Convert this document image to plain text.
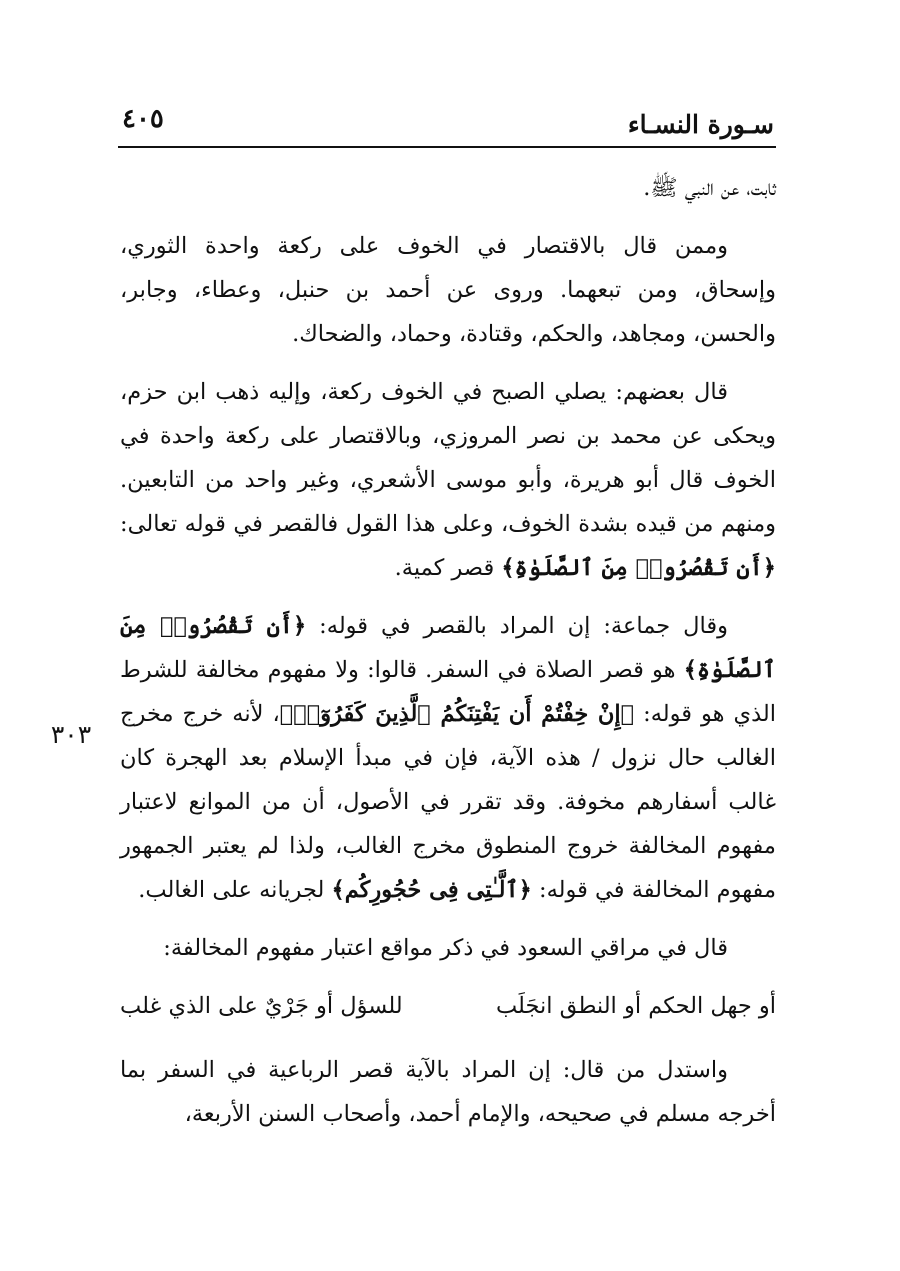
سـورة النسـاء
٤٠٥
٣٠٣

ثابت، عن النبي ﷺ.

وممن قال بالاقتصار في الخوف على ركعة واحدة الثوري، وإسحاق، ومن تبعهما. وروى عن أحمد بن حنبل، وعطاء، وجابر، والحسن، ومجاهد، والحكم، وقتادة، وحماد، والضحاك.

قال بعضهم: يصلي الصبح في الخوف ركعة، وإليه ذهب ابن حزم، ويحكى عن محمد بن نصر المروزي، وبالاقتصار على ركعة واحدة في الخوف قال أبو هريرة، وأبو موسى الأشعري، وغير واحد من التابعين. ومنهم من قيده بشدة الخوف، وعلى هذا القول فالقصر في قوله تعالى: ﴿أَن تَقْصُرُوا۟ مِنَ ٱلصَّلَوٰةِ﴾ قصر كمية.

وقال جماعة: إن المراد بالقصر في قوله: ﴿أَن تَقْصُرُوا۟ مِنَ ٱلصَّلَوٰةِ﴾ هو قصر الصلاة في السفر. قالوا: ولا مفهوم مخالفة للشرط الذي هو قوله: ﴿إِنْ خِفْتُمْ أَن يَفْتِنَكُمُ ٱلَّذِينَ كَفَرُوٓا۟﴾، لأنه خرج مخرج الغالب حال نزول / هذه الآية، فإن في مبدأ الإسلام بعد الهجرة كان غالب أسفارهم مخوفة. وقد تقرر في الأصول، أن من الموانع لاعتبار مفهوم المخالفة خروج المنطوق مخرج الغالب، ولذا لم يعتبر الجمهور مفهوم المخالفة في قوله: ﴿ٱلَّـٰتِى فِى حُجُورِكُم﴾ لجريانه على الغالب.

قال في مراقي السعود في ذكر مواقع اعتبار مفهوم المخالفة:

أو جهل الحكم أو النطق انجَلَب
للسؤل أو جَرْيٌ على الذي غلب

واستدل من قال: إن المراد بالآية قصر الرباعية في السفر بما أخرجه مسلم في صحيحه، والإمام أحمد، وأصحاب السنن الأربعة،
